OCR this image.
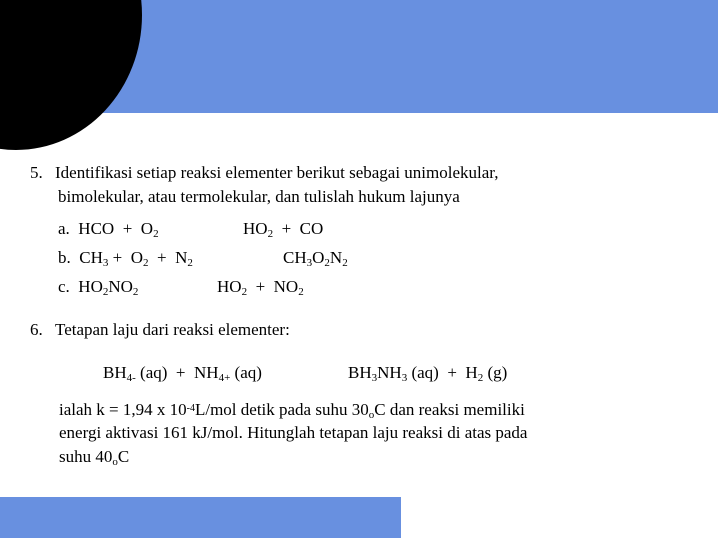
5. Identifikasi setiap reaksi elementer berikut sebagai unimolekular,
bimolekular, atau termolekular, dan tulislah hukum lajunya
a. HCO + $O_2$	$HO_2$ + CO
b. $CH_3 + O_2 + N_2$	$CH_3O_2N_2$
c. $HO_2NO_2$	$HO_2 + NO_2$
6. Tetapan laju dari reaksi elementer:
$BH_{4-}$ $(aq) + NH_{4+}$ (aq)	$BH_3NH_3$ $(aq) + H_2$ (g)
ialah k = 1,94 x $10^{-4}L$/mol detik pada suhu $30_oC$ dan reaksi memiliki
energi aktivasi 161 kJ/mol. Hitunglah tetapan laju reaksi di atas pada
suhu $40_oC$
